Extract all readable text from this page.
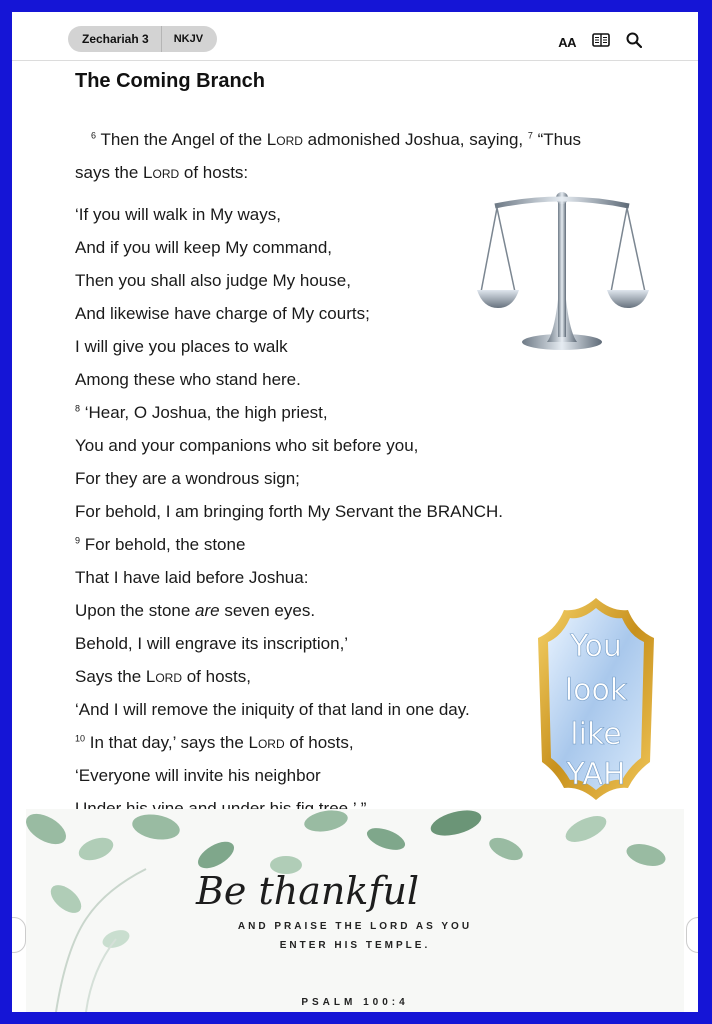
Zechariah 3	NKJV	AA
The Coming Branch
$^6$ Then the Angel of the Lord admonished Joshua, saying, $^7$ “Thus
says the Lord of hosts:
‘If you will walk in My ways,
And if you will keep My command,
Then you shall also judge My house,
And likewise have charge of My courts;
I will give you places to walk
Among these who stand here.
$^8$ ‘Hear, O Joshua, the high priest,
You and your companions who sit before you,
For they are a wondrous sign;
For behold, I am bringing forth My Servant the BRANCH.
$^9$ For behold, the stone
That I have laid before Joshua:
Upon the stone are seven eyes.
Behold, I will engrave its inscription,’
Says the Lord of hosts,
‘And I will remove the iniquity of that land in one day.
$^{10}$ In that day,’ says the Lord of hosts,
‘Everyone will invite his neighbor
You
look
like
YAH
Be thankful
AND PRAISE THE LORD AS YOU
ENTER HIS TEMPLE.
PSALM 100:4
